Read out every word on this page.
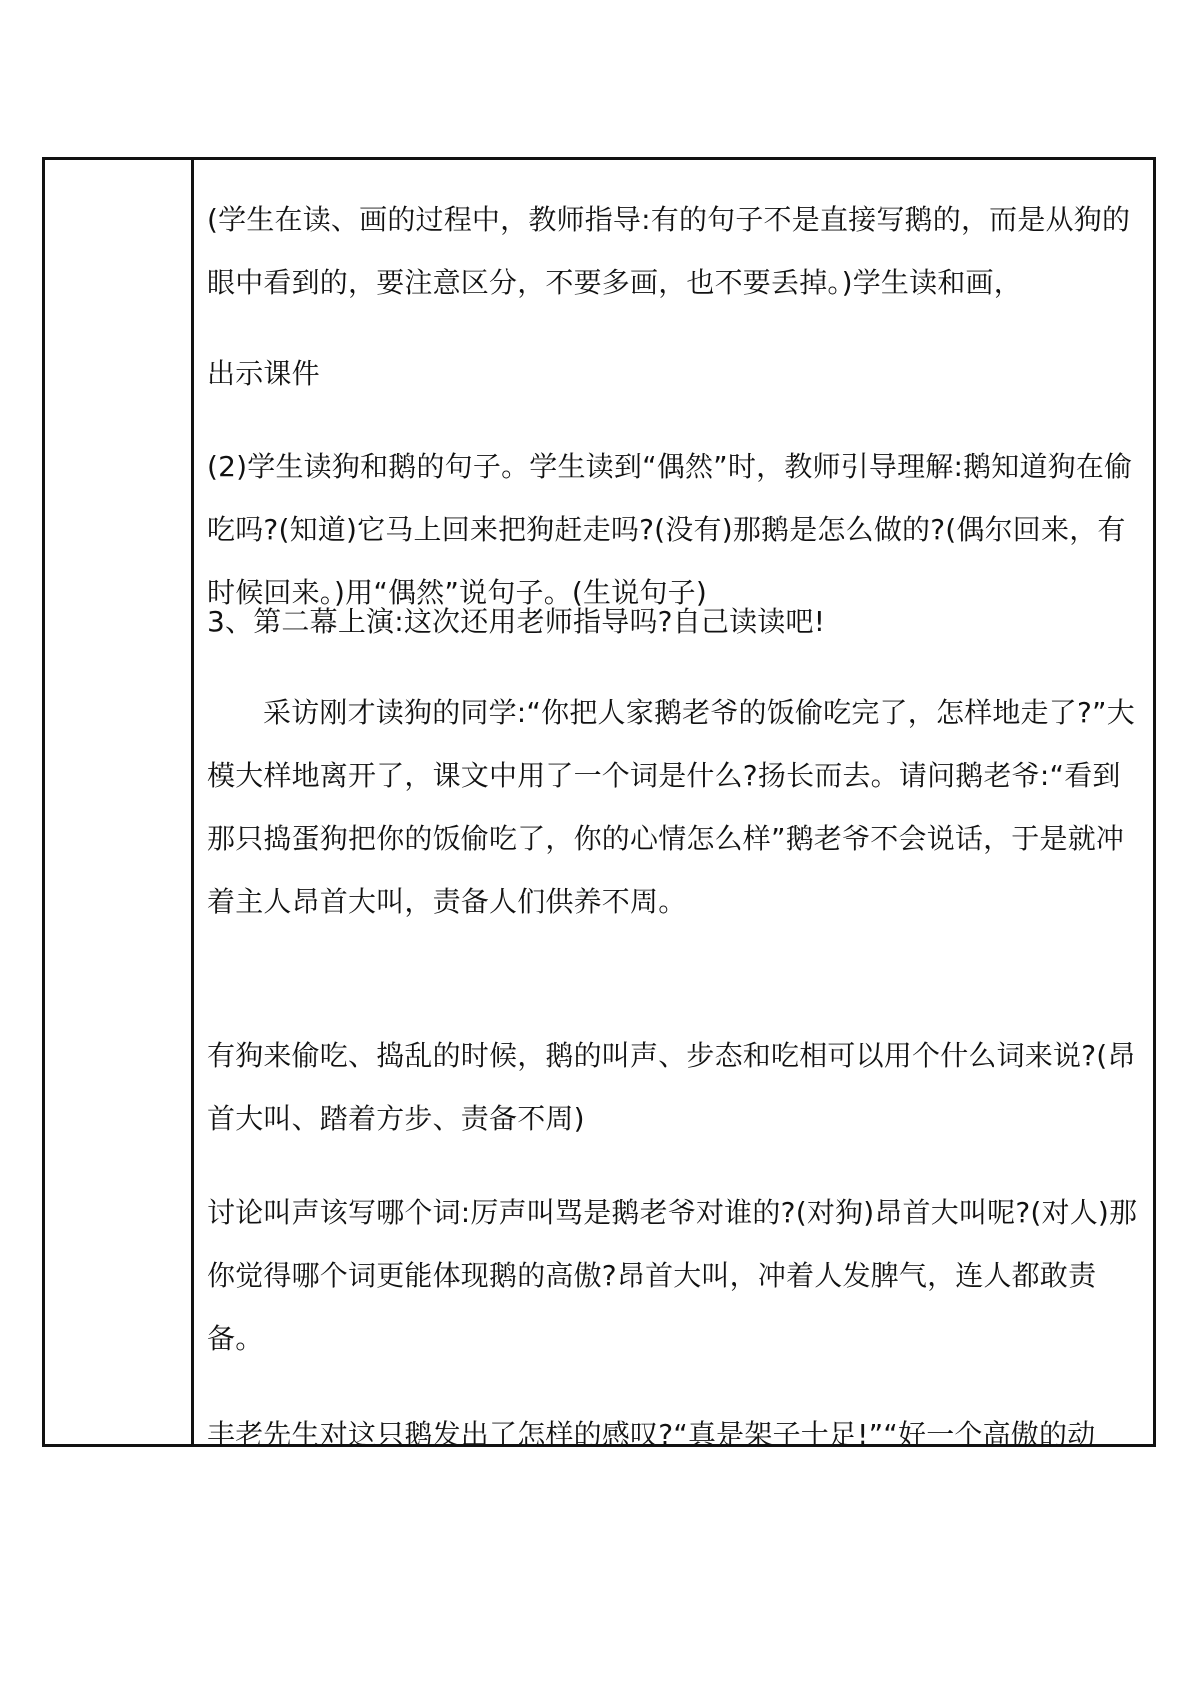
(学生在读、画的过程中，教师指导:有的句子不是直接写鹅的，而是从狗的眼中看到的，要注意区分，不要多画，也不要丢掉。)学生读和画，

出示课件

(2)学生读狗和鹅的句子。学生读到“偶然”时，教师引导理解:鹅知道狗在偷吃吗?(知道)它马上回来把狗赶走吗?(没有)那鹅是怎么做的?(偶尔回来，有时候回来。)用“偶然”说句子。(生说句子)

3、第二幕上演:这次还用老师指导吗?自己读读吧!

采访刚才读狗的同学:“你把人家鹅老爷的饭偷吃完了，怎样地走了?”大模大样地离开了，课文中用了一个词是什么?扬长而去。请问鹅老爷:“看到那只捣蛋狗把你的饭偷吃了，你的心情怎么样”鹅老爷不会说话，于是就冲着主人昂首大叫，责备人们供养不周。

有狗来偷吃、捣乱的时候，鹅的叫声、步态和吃相可以用个什么词来说?(昂首大叫、踏着方步、责备不周)

讨论叫声该写哪个词:厉声叫骂是鹅老爷对谁的?(对狗)昂首大叫呢?(对人)那你觉得哪个词更能体现鹅的高傲?昂首大叫，冲着人发脾气，连人都敢责备。

丰老先生对这只鹅发出了怎样的感叹?“真是架子十足!”“好一个高傲的动
